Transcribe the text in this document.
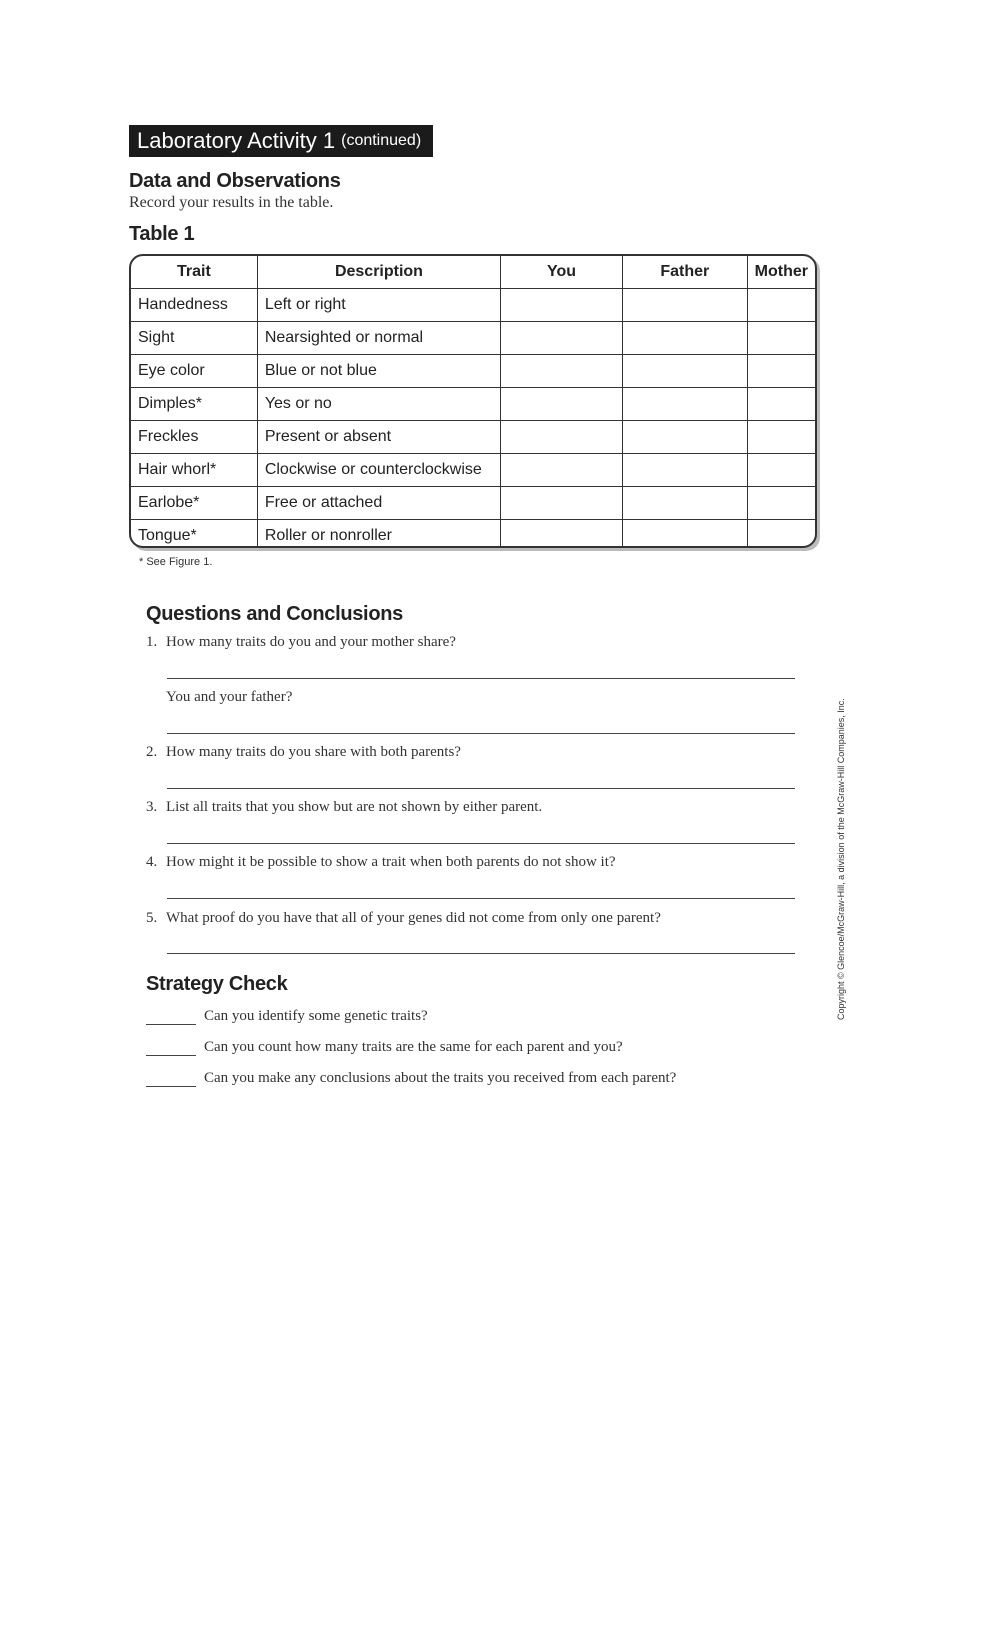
Laboratory Activity 1 (continued)
Data and Observations
Record your results in the table.
Table 1
Trait	Description	You	Father	Mother
Handedness	Left or right			
Sight	Nearsighted or normal			
Eye color	Blue or not blue			
Dimples*	Yes or no			
Freckles	Present or absent			
Hair whorl*	Clockwise or counterclockwise			
Earlobe*	Free or attached			
Tongue*	Roller or nonroller			
* See Figure 1.
Questions and Conclusions
1. How many traits do you and your mother share?
You and your father?
2. How many traits do you share with both parents?
3. List all traits that you show but are not shown by either parent.
4. How might it be possible to show a trait when both parents do not show it?
5. What proof do you have that all of your genes did not come from only one parent?
Strategy Check
Can you identify some genetic traits?
Can you count how many traits are the same for each parent and you?
Can you make any conclusions about the traits you received from each parent?
Copyright © Glencoe/McGraw-Hill, a division of the McGraw-Hill Companies, Inc.
